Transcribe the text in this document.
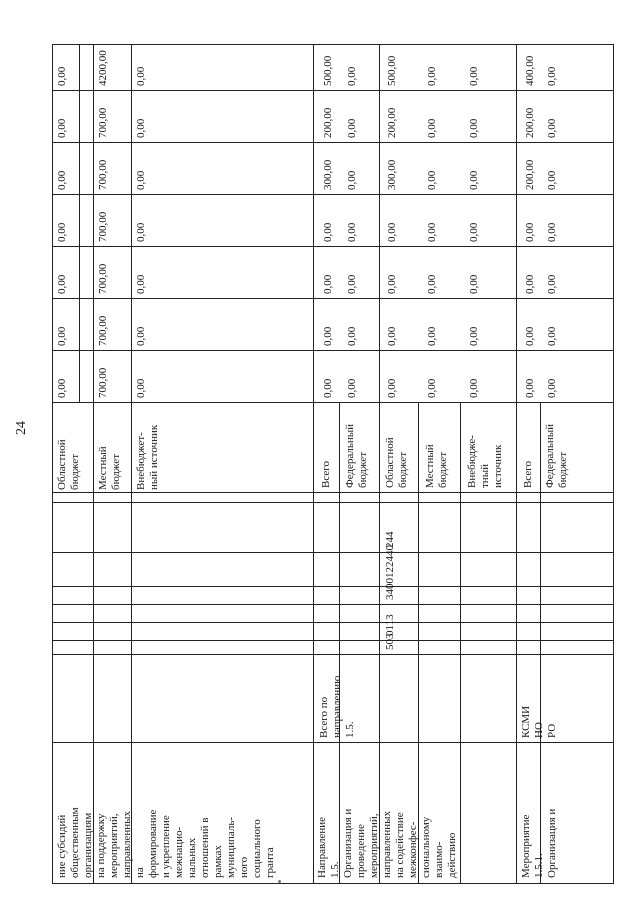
24
ние субсидий общественным организациям на поддержку мероприятий, направленных на формирование и укрепление межнацио- нальных отношений в рамках муниципаль- ного социального гранта
Областной бюджет
0,00
0,00
0,00
0,00
0,00
0,00
0,00
Местный бюджет
700,00
700,00
700,00
700,00
700,00
700,00
4200,00
Внебюджет- ный источник
0,00
0,00
0,00
0,00
0,00
0,00
0,00
Направление 1.5. Организация и проведение мероприятий, направленных на содействие межконфес- сиональному взаимо- действию
Всего по направлению 1.5.
Всего
0,00
0,00
0,00
0,00
300,00
200,00
500,00
Федеральный бюджет
0,00
0,00
0,00
0,00
0,00
0,00
0,00
Областной бюджет
0,00
0,00
0,00
0,00
300,00
200,00
500,00
Местный бюджет
0,00
0,00
0,00
0,00
0,00
0,00
0,00
Внебюдже- тный источник
0,00
0,00
0,00
0,00
0,00
0,00
0,00
503
0113
3400122440
244
Мероприятие 1.5.1. Организация и
КСМИ НО РО
Всего
0,00
0,00
0,00
0,00
200,00
200,00
400,00
Федеральный бюджет
0,00
0,00
0,00
0,00
0,00
0,00
0,00
